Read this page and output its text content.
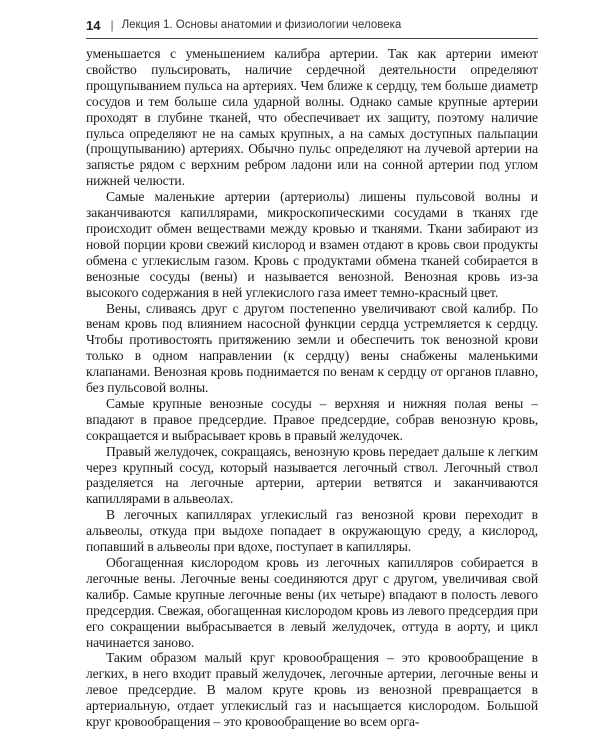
14 | Лекция 1. Основы анатомии и физиологии человека

уменьшается с уменьшением калибра артерии. Так как артерии имеют свойство пульсировать, наличие сердечной деятельности определяют прощупыванием пульса на артериях. Чем ближе к сердцу, тем больше диаметр сосудов и тем больше сила ударной волны. Однако самые крупные артерии проходят в глубине тканей, что обеспечивает их защиту, поэтому наличие пульса определяют не на самых крупных, а на самых доступных пальпации (прощупыванию) артериях. Обычно пульс определяют на лучевой артерии на запястье рядом с верхним ребром ладони или на сонной артерии под углом нижней челюсти.

Самые маленькие артерии (артериолы) лишены пульсовой волны и заканчиваются капиллярами, микроскопическими сосудами в тканях где происходит обмен веществами между кровью и тканями. Ткани забирают из новой порции крови свежий кислород и взамен отдают в кровь свои продукты обмена с углекислым газом. Кровь с продуктами обмена тканей собирается в венозные сосуды (вены) и называется венозной. Венозная кровь из-за высокого содержания в ней углекислого газа имеет темно-красный цвет.

Вены, сливаясь друг с другом постепенно увеличивают свой калибр. По венам кровь под влиянием насосной функции сердца устремляется к сердцу. Чтобы противостоять притяжению земли и обеспечить ток венозной крови только в одном направлении (к сердцу) вены снабжены маленькими клапанами. Венозная кровь поднимается по венам к сердцу от органов плавно, без пульсовой волны.

Самые крупные венозные сосуды – верхняя и нижняя полая вены – впадают в правое предсердие. Правое предсердие, собрав венозную кровь, сокращается и выбрасывает кровь в правый желудочек.

Правый желудочек, сокращаясь, венозную кровь передает дальше к легким через крупный сосуд, который называется легочный ствол. Легочный ствол разделяется на легочные артерии, артерии ветвятся и заканчиваются капиллярами в альвеолах.

В легочных капиллярах углекислый газ венозной крови переходит в альвеолы, откуда при выдохе попадает в окружающую среду, а кислород, попавший в альвеолы при вдохе, поступает в капилляры.

Обогащенная кислородом кровь из легочных капилляров собирается в легочные вены. Легочные вены соединяются друг с другом, увеличивая свой калибр. Самые крупные легочные вены (их четыре) впадают в полость левого предсердия. Свежая, обогащенная кислородом кровь из левого предсердия при его сокращении выбрасывается в левый желудочек, оттуда в аорту, и цикл начинается заново.

Таким образом малый круг кровообращения – это кровообращение в легких, в него входит правый желудочек, легочные артерии, легочные вены и левое предсердие. В малом круге кровь из венозной превращается в артериальную, отдает углекислый газ и насыщается кислородом. Большой круг кровообращения – это кровообращение во всем орга-
